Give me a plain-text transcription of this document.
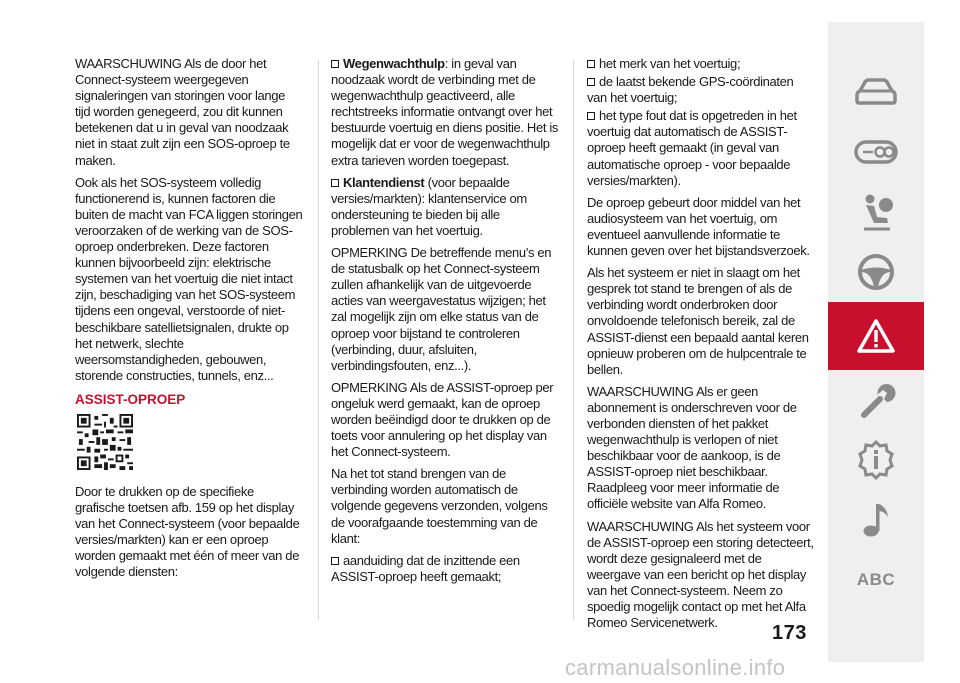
WAARSCHUWING Als de door het Connect-systeem weergegeven signaleringen van storingen voor lange tijd worden genegeerd, zou dit kunnen betekenen dat u in geval van noodzaak niet in staat zult zijn een SOS-oproep te maken.

Ook als het SOS-systeem volledig functionerend is, kunnen factoren die buiten de macht van FCA liggen storingen veroorzaken of de werking van de SOS-oproep onderbreken. Deze factoren kunnen bijvoorbeeld zijn: elektrische systemen van het voertuig die niet intact zijn, beschadiging van het SOS-systeem tijdens een ongeval, verstoorde of niet-beschikbare satellietsignalen, drukte op het netwerk, slechte weersomstandigheden, gebouwen, storende constructies, tunnels, enz...

ASSIST-OPROEP

Door te drukken op de specifieke grafische toetsen afb. 159 op het display van het Connect-systeem (voor bepaalde versies/markten) kan er een oproep worden gemaakt met één of meer van de volgende diensten:

Wegenwachthulp: in geval van noodzaak wordt de verbinding met de wegenwachthulp geactiveerd, alle rechtstreeks informatie ontvangt over het bestuurde voertuig en diens positie. Het is mogelijk dat er voor de wegenwachthulp extra tarieven worden toegepast.

Klantendienst (voor bepaalde versies/markten): klantenservice om ondersteuning te bieden bij alle problemen van het voertuig.

OPMERKING De betreffende menu's en de statusbalk op het Connect-systeem zullen afhankelijk van de uitgevoerde acties van weergavestatus wijzigen; het zal mogelijk zijn om elke status van de oproep voor bijstand te controleren (verbinding, duur, afsluiten, verbindingsfouten, enz...).

OPMERKING Als de ASSIST-oproep per ongeluk werd gemaakt, kan de oproep worden beëindigd door te drukken op de toets voor annulering op het display van het Connect-systeem.

Na het tot stand brengen van de verbinding worden automatisch de volgende gegevens verzonden, volgens de voorafgaande toestemming van de klant:

aanduiding dat de inzittende een ASSIST-oproep heeft gemaakt;

het merk van het voertuig;

de laatst bekende GPS-coördinaten van het voertuig;

het type fout dat is opgetreden in het voertuig dat automatisch de ASSIST-oproep heeft gemaakt (in geval van automatische oproep - voor bepaalde versies/markten).

De oproep gebeurt door middel van het audiosysteem van het voertuig, om eventueel aanvullende informatie te kunnen geven over het bijstandsverzoek.

Als het systeem er niet in slaagt om het gesprek tot stand te brengen of als de verbinding wordt onderbroken door onvoldoende telefonisch bereik, zal de ASSIST-dienst een bepaald aantal keren opnieuw proberen om de hulpcentrale te bellen.

WAARSCHUWING Als er geen abonnement is onderschreven voor de verbonden diensten of het pakket wegenwachthulp is verlopen of niet beschikbaar voor de aankoop, is de ASSIST-oproep niet beschikbaar. Raadpleeg voor meer informatie de officiële website van Alfa Romeo.

WAARSCHUWING Als het systeem voor de ASSIST-oproep een storing detecteert, wordt deze gesignaleerd met de weergave van een bericht op het display van het Connect-systeem. Neem zo spoedig mogelijk contact op met het Alfa Romeo Servicenetwerk.	173
ABC
carmanualsonline.info
